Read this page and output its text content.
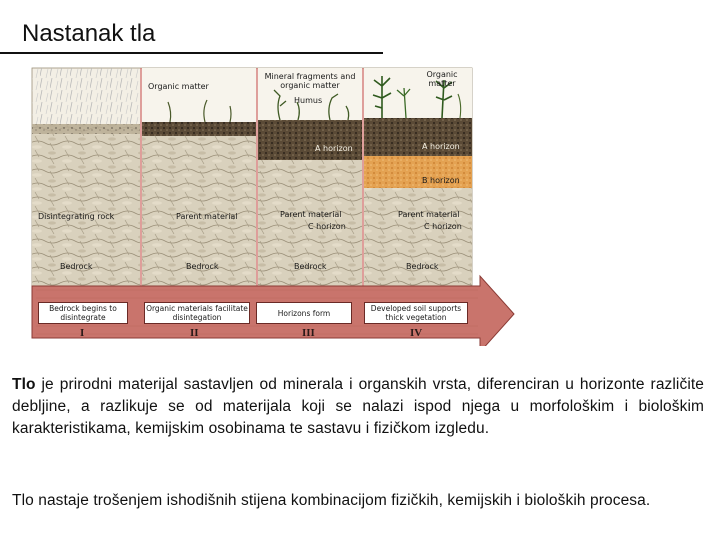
Nastanak tla
Disintegrating rock
Bedrock
Organic matter
Parent material
Bedrock
Mineral fragments and organic matter
Humus
A horizon
Parent material
C horizon
Bedrock
Organic matter
A horizon
B horizon
Parent material
C horizon
Bedrock
Bedrock begins to disintegrate
Organic materials facilitate disintegation	Horizons form	Developed soil supports thick vegetation
I	II	III	IV

Tlo je prirodni materijal sastavljen od minerala i organskih vrsta, diferenciran u horizonte različite debljine, a razlikuje se od materijala koji se nalazi ispod njega u morfološkim i biološkim karakteristikama, kemijskim osobinama te sastavu i fizičkom izgledu.

Tlo nastaje trošenjem ishodišnih stijena kombinacijom fizičkih, kemijskih i bioloških procesa.
